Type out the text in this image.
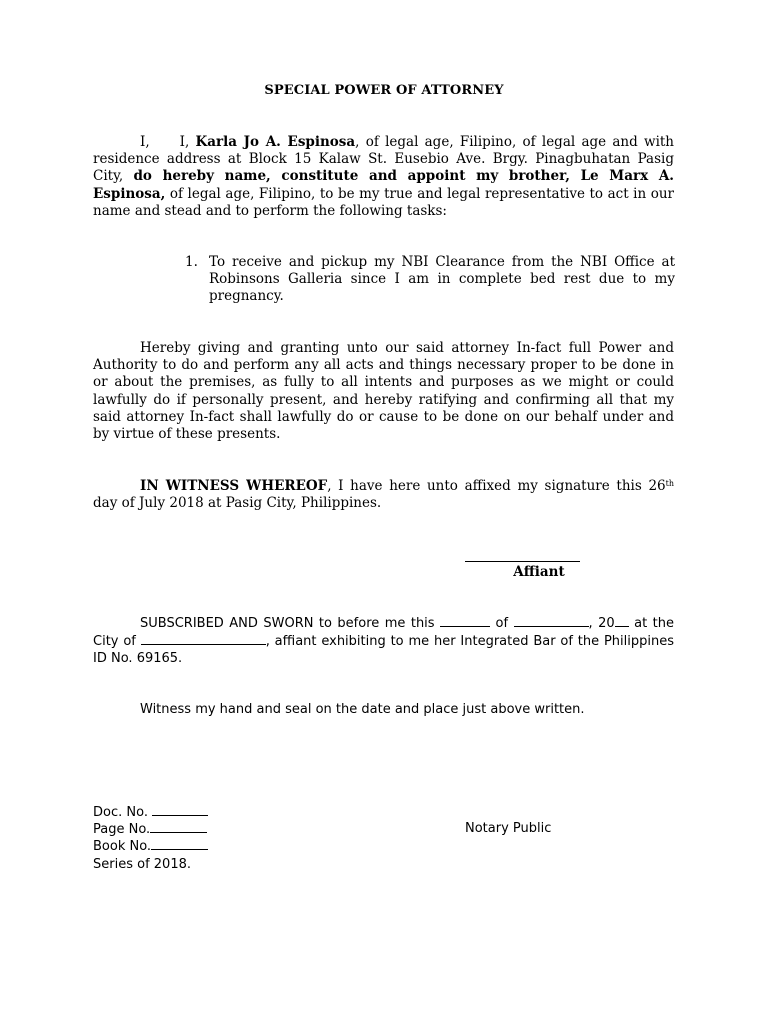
SPECIAL POWER OF ATTORNEY
I, I, Karla Jo A. Espinosa, of legal age, Filipino, of legal age and with residence address at Block 15 Kalaw St. Eusebio Ave. Brgy. Pinagbuhatan Pasig City, do hereby name, constitute and appoint my brother, Le Marx A. Espinosa, of legal age, Filipino, to be my true and legal representative to act in our name and stead and to perform the following tasks:
1. To receive and pickup my NBI Clearance from the NBI Office at Robinsons Galleria since I am in complete bed rest due to my pregnancy.
Hereby giving and granting unto our said attorney In-fact full Power and Authority to do and perform any all acts and things necessary proper to be done in or about the premises, as fully to all intents and purposes as we might or could lawfully do if personally present, and hereby ratifying and confirming all that my said attorney In-fact shall lawfully do or cause to be done on our behalf under and by virtue of these presents.
IN WITNESS WHEREOF, I have here unto affixed my signature this 26th day of July 2018 at Pasig City, Philippines.
Affiant
SUBSCRIBED AND SWORN to before me this	of	, 20 at the City of	, affiant exhibiting to me her Integrated Bar of the Philippines ID No. 69165.
Witness my hand and seal on the date and place just above written.
Doc. No.
Page No.
Book No.
Series of 2018.
Notary Public
